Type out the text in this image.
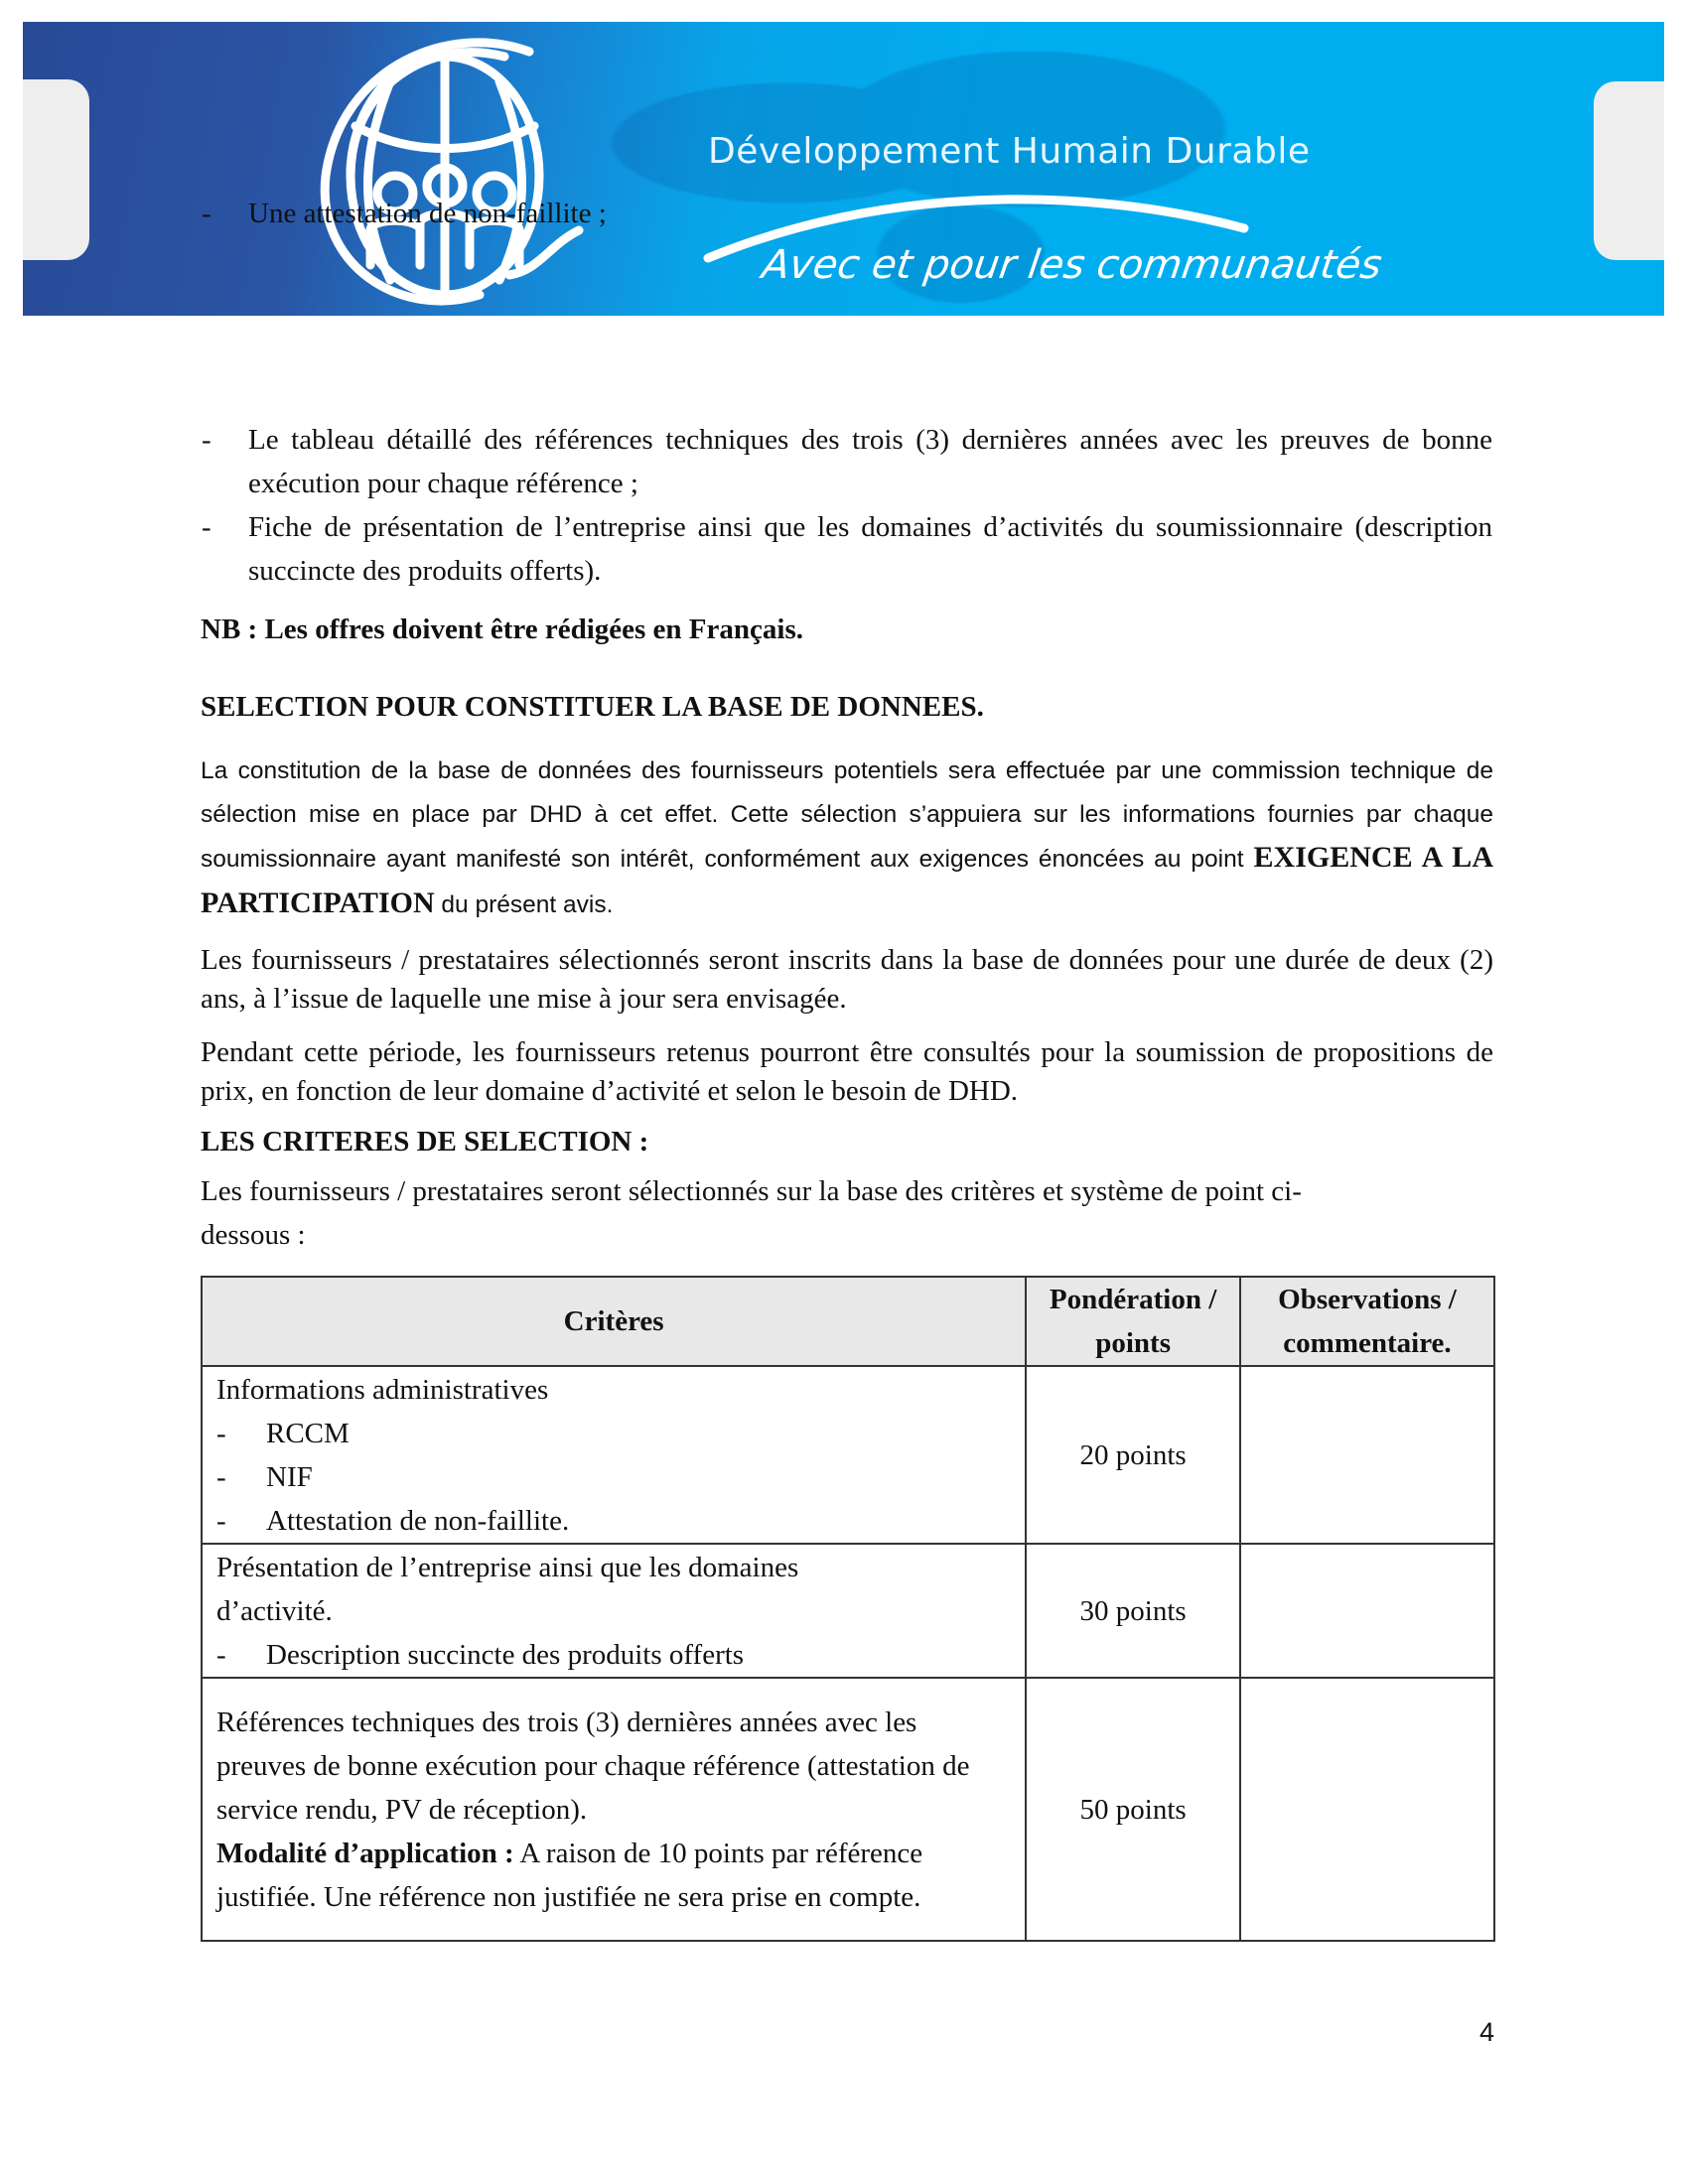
Développement Humain Durable
Avec et pour les communautés
- Une attestation de non-faillite ;
- Le tableau détaillé des références techniques des trois (3) dernières années avec les preuves de bonne exécution pour chaque référence ;
- Fiche de présentation de l’entreprise ainsi que les domaines d’activités du soumissionnaire (description succincte des produits offerts).
NB : Les offres doivent être rédigées en Français.
SELECTION POUR CONSTITUER LA BASE DE DONNEES.
La constitution de la base de données des fournisseurs potentiels sera effectuée par une commission technique de sélection mise en place par DHD à cet effet. Cette sélection s’appuiera sur les informations fournies par chaque soumissionnaire ayant manifesté son intérêt, conformément aux exigences énoncées au point EXIGENCE A LA PARTICIPATION du présent avis.
Les fournisseurs / prestataires sélectionnés seront inscrits dans la base de données pour une durée de deux (2) ans, à l’issue de laquelle une mise à jour sera envisagée.
Pendant cette période, les fournisseurs retenus pourront être consultés pour la soumission de propositions de prix, en fonction de leur domaine d’activité et selon le besoin de DHD.
LES CRITERES DE SELECTION :
Les fournisseurs / prestataires seront sélectionnés sur la base des critères et système de point ci-
dessous :
Critères	Pondération / points	Observations / commentaire.

Informations administratives
- RCCM
- NIF
- Attestation de non-faillite.
	20 points	

Présentation de l’entreprise ainsi que les domaines d’activité.
- Description succincte des produits offerts	30 points	

Références techniques des trois (3) dernières années avec les preuves de bonne exécution pour chaque référence (attestation de service rendu, PV de réception).
Modalité d’application : A raison de 10 points par référence justifiée. Une référence non justifiée ne sera prise en compte.	50 points	
4
